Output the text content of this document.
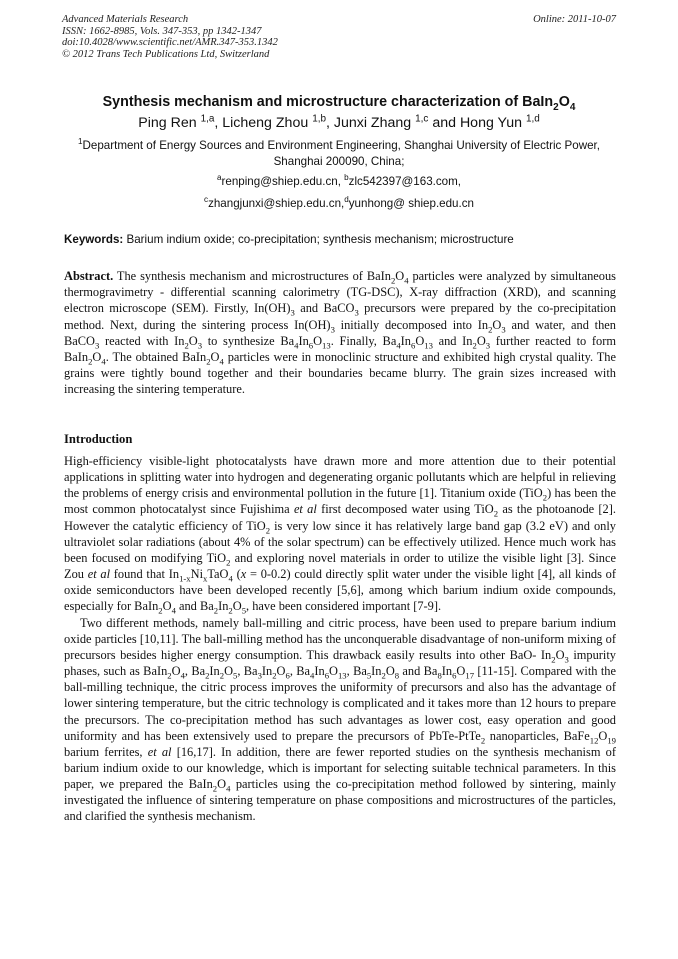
Advanced Materials Research	Online: 2011-10-07
ISSN: 1662-8985, Vols. 347-353, pp 1342-1347
doi:10.4028/www.scientific.net/AMR.347-353.1342
© 2012 Trans Tech Publications Ltd, Switzerland
Synthesis mechanism and microstructure characterization of $BaIn_2O_4$
Ping Ren $^{1,a}$, Licheng Zhou $^{1,b}$, Junxi Zhang $^{1,c}$ and Hong Yun $^{1,d}$
$^1$Department of Energy Sources and Environment Engineering, Shanghai University of Electric Power, Shanghai 200090, China;
$^a$renping@shiep.edu.cn, $^b$zlc542397@163.com,
$^c$zhangjunxi@shiep.edu.cn,$^d$yunhong@ shiep.edu.cn
Keywords: Barium indium oxide; co-precipitation; synthesis mechanism; microstructure
Abstract. The synthesis mechanism and microstructures of $BaIn_2O_4$ particles were analyzed by simultaneous thermogravimetry - differential scanning calorimetry (TG-DSC), X-ray diffraction (XRD), and scanning electron microscope (SEM). Firstly, $In(OH)_3$ and BaCO$_3$ precursors were prepared by the co-precipitation method. Next, during the sintering process $In(OH)_3$ initially decomposed into $In_2O_3$ and water, and then BaCO$_3$ reacted with $In_2O_3$ to synthesize $Ba_4In_6O_{13}$. Finally, $Ba_4In_6O_{13}$ and $In_2O_3$ further reacted to form $BaIn_2O_4$. The obtained $BaIn_2O_4$ particles were in monoclinic structure and exhibited high crystal quality. The grains were tightly bound together and their boundaries became blurry. The grain sizes increased with increasing the sintering temperature.
Introduction

High-efficiency visible-light photocatalysts have drawn more and more attention due to their potential applications in splitting water into hydrogen and degenerating organic pollutants which are helpful in relieving the problems of energy crisis and environmental pollution in the future [1]. Titanium oxide (TiO$_2$) has been the most common photocatalyst since Fujishima et al first decomposed water using TiO$_2$ as the photoanode [2]. However the catalytic efficiency of TiO$_2$ is very low since it has relatively large band gap (3.2 eV) and only ultraviolet solar radiations (about 4% of the solar spectrum) can be effectively utilized. Hence much work has been focused on modifying TiO$_2$ and exploring novel materials in order to utilize the visible light [3]. Since Zou et al found that $In_{1-x}Ni_xTaO_4$ (x = 0-0.2) could directly split water under the visible light [4], all kinds of oxide semiconductors have been developed recently [5,6], among which barium indium oxide compounds, especially for $BaIn_2O_4$ and $Ba_2In_2O_5$, have been considered important [7-9].

Two different methods, namely ball-milling and citric process, have been used to prepare barium indium oxide particles [10,11]. The ball-milling method has the unconquerable disadvantage of non-uniform mixing of precursors besides higher energy consumption. This drawback easily results into other BaO- $In_2O_3$ impurity phases, such as $BaIn_2O_4$, $Ba_2In_2O_5$, $Ba_3In_2O_6$, $Ba_4In_6O_{13}$, $Ba_5In_2O_8$ and $Ba_8In_6O_{17}$ [11-15]. Compared with the ball-milling technique, the citric process improves the uniformity of precursors and also has the advantage of lower sintering temperature, but the citric technology is complicated and it takes more than 12 hours to prepare the precursors. The co-precipitation method has such advantages as lower cost, easy operation and good uniformity and has been extensively used to prepare the precursors of PbTe-PtTe$_2$ nanoparticles, $BaFe_{12}O_{19}$ barium ferrites, et al [16,17]. In addition, there are fewer reported studies on the synthesis mechanism of barium indium oxide to our knowledge, which is important for selecting suitable technical parameters. In this paper, we prepared the $BaIn_2O_4$ particles using the co-precipitation method followed by sintering, mainly investigated the influence of sintering temperature on phase compositions and microstructures of the particles, and clarified the synthesis mechanism.
